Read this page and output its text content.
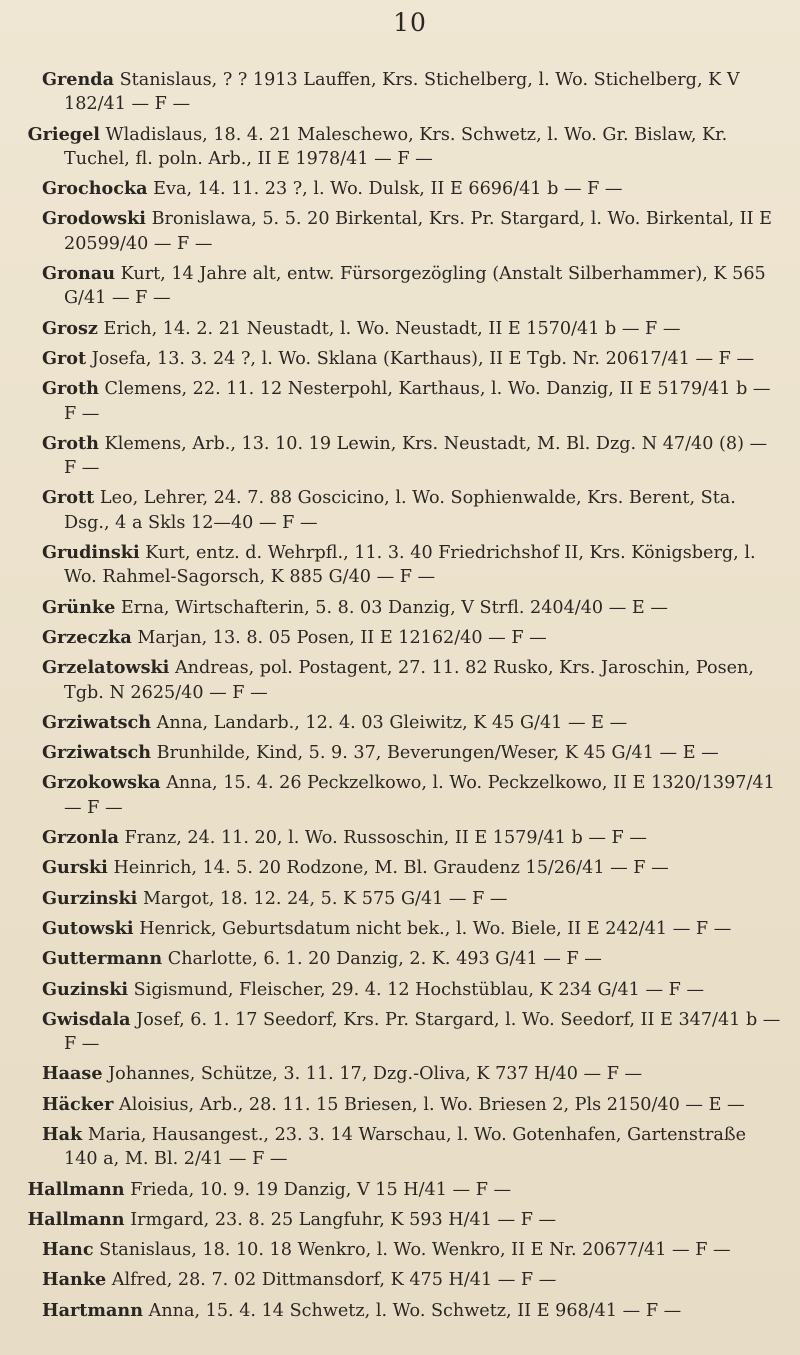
10
Grenda Stanislaus, ? ? 1913 Lauffen, Krs. Stichelberg, l. Wo. Stichelberg, K V 182/41 — F —
Griegel Wladislaus, 18. 4. 21 Maleschewo, Krs. Schwetz, l. Wo. Gr. Bislaw, Kr. Tuchel, fl. poln. Arb., II E 1978/41 — F —
Grochocka Eva, 14. 11. 23 ?, l. Wo. Dulsk, II E 6696/41 b — F —
Grodowski Bronislawa, 5. 5. 20 Birkental, Krs. Pr. Stargard, l. Wo. Birkental, II E 20599/40 — F —
Gronau Kurt, 14 Jahre alt, entw. Fürsorgezögling (Anstalt Silberhammer), K 565 G/41 — F —
Grosz Erich, 14. 2. 21 Neustadt, l. Wo. Neustadt, II E 1570/41 b — F —
Grot Josefa, 13. 3. 24 ?, l. Wo. Sklana (Karthaus), II E Tgb. Nr. 20617/41 — F —
Groth Clemens, 22. 11. 12 Nesterpohl, Karthaus, l. Wo. Danzig, II E 5179/41 b — F —
Groth Klemens, Arb., 13. 10. 19 Lewin, Krs. Neustadt, M. Bl. Dzg. N 47/40 (8) — F —
Grott Leo, Lehrer, 24. 7. 88 Goscicino, l. Wo. Sophienwalde, Krs. Berent, Sta. Dsg., 4 a Skls 12—40 — F —
Grudinski Kurt, entz. d. Wehrpfl., 11. 3. 40 Friedrichshof II, Krs. Königsberg, l. Wo. Rahmel-Sagorsch, K 885 G/40 — F —
Grünke Erna, Wirtschafterin, 5. 8. 03 Danzig, V Strfl. 2404/40 — E —
Grzeczka Marjan, 13. 8. 05 Posen, II E 12162/40 — F —
Grzelatowski Andreas, pol. Postagent, 27. 11. 82 Rusko, Krs. Jaroschin, Posen, Tgb. N 2625/40 — F —
Grziwatsch Anna, Landarb., 12. 4. 03 Gleiwitz, K 45 G/41 — E —
Grziwatsch Brunhilde, Kind, 5. 9. 37, Beverungen/Weser, K 45 G/41 — E —
Grzokowska Anna, 15. 4. 26 Peckzelkowo, l. Wo. Peckzelkowo, II E 1320/1397/41 — F —
Grzonla Franz, 24. 11. 20, l. Wo. Russoschin, II E 1579/41 b — F —
Gurski Heinrich, 14. 5. 20 Rodzone, M. Bl. Graudenz 15/26/41 — F —
Gurzinski Margot, 18. 12. 24, 5. K 575 G/41 — F —
Gutowski Henrick, Geburtsdatum nicht bek., l. Wo. Biele, II E 242/41 — F —
Guttermann Charlotte, 6. 1. 20 Danzig, 2. K. 493 G/41 — F —
Guzinski Sigismund, Fleischer, 29. 4. 12 Hochstüblau, K 234 G/41 — F —
Gwisdala Josef, 6. 1. 17 Seedorf, Krs. Pr. Stargard, l. Wo. Seedorf, II E 347/41 b — F —
Haase Johannes, Schütze, 3. 11. 17, Dzg.-Oliva, K 737 H/40 — F —
Häcker Aloisius, Arb., 28. 11. 15 Briesen, l. Wo. Briesen 2, Pls 2150/40 — E —
Hak Maria, Hausangest., 23. 3. 14 Warschau, l. Wo. Gotenhafen, Gartenstraße 140 a, M. Bl. 2/41 — F —
Hallmann Frieda, 10. 9. 19 Danzig, V 15 H/41 — F —
Hallmann Irmgard, 23. 8. 25 Langfuhr, K 593 H/41 — F —
Hanc Stanislaus, 18. 10. 18 Wenkro, l. Wo. Wenkro, II E Nr. 20677/41 — F —
Hanke Alfred, 28. 7. 02 Dittmansdorf, K 475 H/41 — F —
Hartmann Anna, 15. 4. 14 Schwetz, l. Wo. Schwetz, II E 968/41 — F —
